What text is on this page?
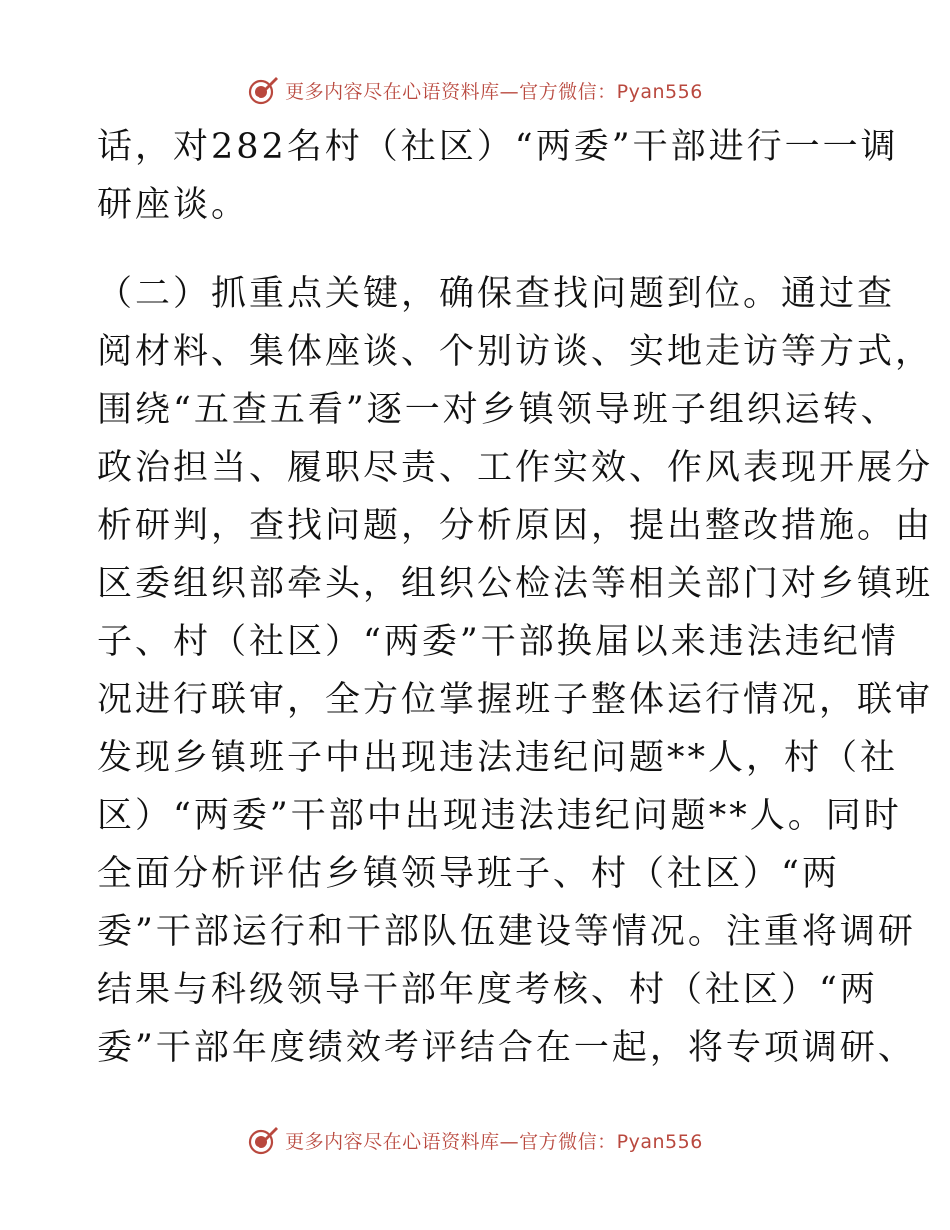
更多内容尽在心语资料库—官方微信：Pyan556
话，对282名村（社区）“两委”干部进行一一调
研座谈。
（二）抓重点关键，确保查找问题到位。通过查
阅材料、集体座谈、个别访谈、实地走访等方式，
围绕“五查五看”逐一对乡镇领导班子组织运转、
政治担当、履职尽责、工作实效、作风表现开展分
析研判，查找问题，分析原因，提出整改措施。由
区委组织部牵头，组织公检法等相关部门对乡镇班
子、村（社区）“两委”干部换届以来违法违纪情
况进行联审，全方位掌握班子整体运行情况，联审
发现乡镇班子中出现违法违纪问题**人，村（社
区）“两委”干部中出现违法违纪问题**人。同时
全面分析评估乡镇领导班子、村（社区）“两
委”干部运行和干部队伍建设等情况。注重将调研
结果与科级领导干部年度考核、村（社区）“两
委”干部年度绩效考评结合在一起，将专项调研、
更多内容尽在心语资料库—官方微信：Pyan556
